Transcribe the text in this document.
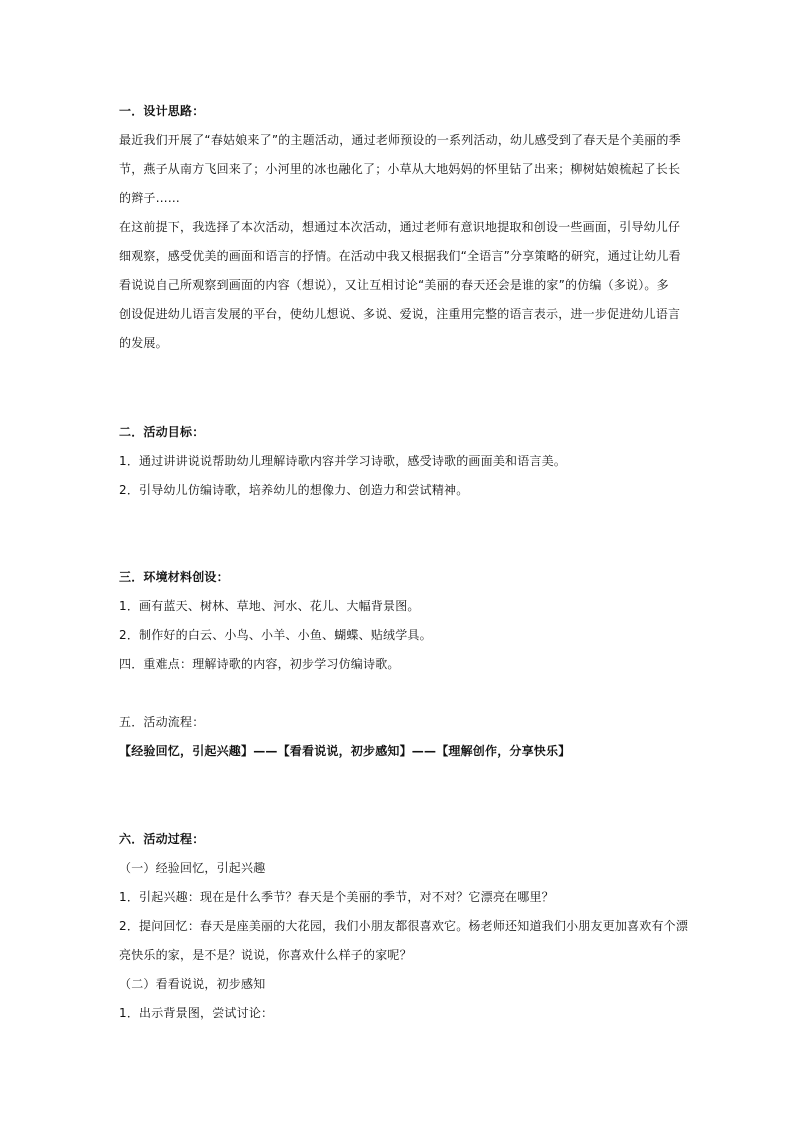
一．设计思路：
最近我们开展了“春姑娘来了”的主题活动，通过老师预设的一系列活动，幼儿感受到了春天是个美丽的季
节，燕子从南方飞回来了；小河里的冰也融化了；小草从大地妈妈的怀里钻了出来；柳树姑娘梳起了长长
的辫子……
在这前提下，我选择了本次活动，想通过本次活动，通过老师有意识地提取和创设一些画面，引导幼儿仔
细观察，感受优美的画面和语言的抒情。在活动中我又根据我们“全语言”分享策略的研究，通过让幼儿看
看说说自己所观察到画面的内容（想说），又让互相讨论“美丽的春天还会是谁的家”的仿编（多说）。多
创设促进幼儿语言发展的平台，使幼儿想说、多说、爱说，注重用完整的语言表示，进一步促进幼儿语言
的发展。
二．活动目标：
1．通过讲讲说说帮助幼儿理解诗歌内容并学习诗歌，感受诗歌的画面美和语言美。
2．引导幼儿仿编诗歌，培养幼儿的想像力、创造力和尝试精神。
三．环境材料创设：
1．画有蓝天、树林、草地、河水、花儿、大幅背景图。
2．制作好的白云、小鸟、小羊、小鱼、蝴蝶、贴绒学具。
四．重难点：理解诗歌的内容，初步学习仿编诗歌。
五．活动流程：
【经验回忆，引起兴趣】——【看看说说，初步感知】——【理解创作，分享快乐】
六．活动过程：
（一）经验回忆，引起兴趣
1．引起兴趣：现在是什么季节？春天是个美丽的季节，对不对？它漂亮在哪里？
2．提问回忆：春天是座美丽的大花园，我们小朋友都很喜欢它。杨老师还知道我们小朋友更加喜欢有个漂
亮快乐的家，是不是？说说，你喜欢什么样子的家呢？
（二）看看说说，初步感知
1．出示背景图，尝试讨论：
